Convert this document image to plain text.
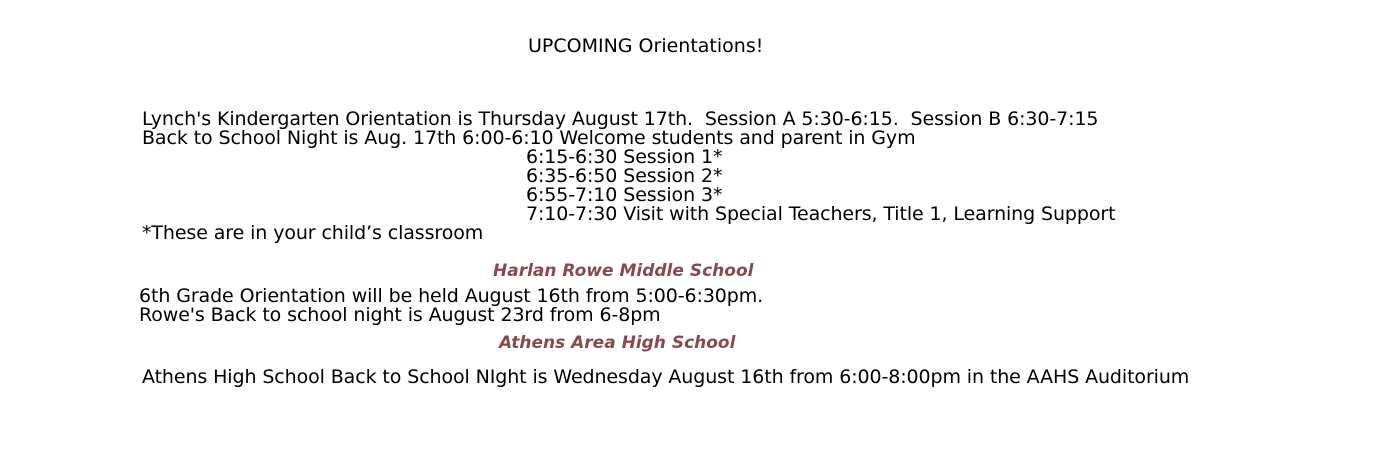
UPCOMING Orientations!
Lynch's Kindergarten Orientation is Thursday August 17th.  Session A 5:30-6:15.  Session B 6:30-7:15
Back to School Night is Aug. 17th 6:00-6:10 Welcome students and parent in Gym
6:15-6:30 Session 1*
6:35-6:50 Session 2*
6:55-7:10 Session 3*
7:10-7:30 Visit with Special Teachers, Title 1, Learning Support
*These are in your child’s classroom
Harlan Rowe Middle School
6th Grade Orientation will be held August 16th from 5:00-6:30pm.
Rowe's Back to school night is August 23rd from 6-8pm
Athens Area High School
Athens High School Back to School NIght is Wednesday August 16th from 6:00-8:00pm in the AAHS Auditorium
